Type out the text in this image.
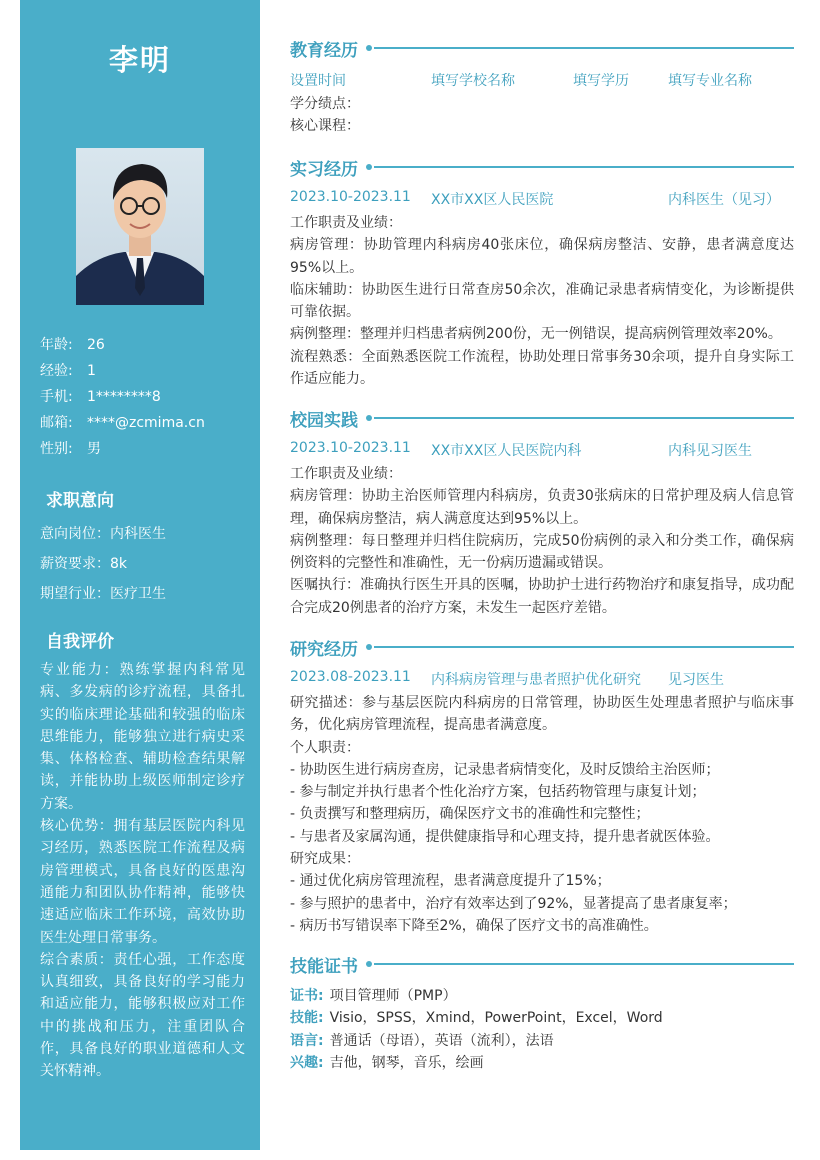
李明
年龄:	26
经验:	1
手机:	1********8
邮箱:	****@zcmima.cn
性别:	男
求职意向
意向岗位：内科医生
薪资要求：8k
期望行业：医疗卫生
自我评价

专业能力：熟练掌握内科常见病、多发病的诊疗流程，具备扎实的临床理论基础和较强的临床思维能力，能够独立进行病史采集、体格检查、辅助检查结果解读，并能协助上级医师制定诊疗方案。

核心优势：拥有基层医院内科见习经历，熟悉医院工作流程及病房管理模式，具备良好的医患沟通能力和团队协作精神，能够快速适应临床工作环境，高效协助医生处理日常事务。

综合素质：责任心强，工作态度认真细致，具备良好的学习能力和适应能力，能够积极应对工作中的挑战和压力，注重团队合作，具备良好的职业道德和人文关怀精神。

教育经历
设置时间	填写学校名称	填写学历	填写专业名称
学分绩点：
核心课程：
实习经历
2023.10-2023.11 XX市XX区人民医院	内科医生（见习）
工作职责及业绩：
病房管理：协助管理内科病房40张床位，确保病房整洁、安静，患者满意度达95%以上。
临床辅助：协助医生进行日常查房50余次，准确记录患者病情变化，为诊断提供可靠依据。
病例整理：整理并归档患者病例200份，无一例错误，提高病例管理效率20%。
流程熟悉：全面熟悉医院工作流程，协助处理日常事务30余项，提升自身实际工作适应能力。
校园实践
2023.10-2023.11 XX市XX区人民医院内科	内科见习医生
工作职责及业绩：
病房管理：协助主治医师管理内科病房，负责30张病床的日常护理及病人信息管理，确保病房整洁，病人满意度达到95%以上。
病例整理：每日整理并归档住院病历，完成50份病例的录入和分类工作，确保病例资料的完整性和准确性，无一份病历遗漏或错误。
医嘱执行：准确执行医生开具的医嘱，协助护士进行药物治疗和康复指导，成功配合完成20例患者的治疗方案，未发生一起医疗差错。
研究经历
2023.08-2023.11 内科病房管理与患者照护优化研究 见习医生
研究描述：参与基层医院内科病房的日常管理，协助医生处理患者照护与临床事务，优化病房管理流程，提高患者满意度。
个人职责：
- 协助医生进行病房查房，记录患者病情变化，及时反馈给主治医师；
- 参与制定并执行患者个性化治疗方案，包括药物管理与康复计划；
- 负责撰写和整理病历，确保医疗文书的准确性和完整性；
- 与患者及家属沟通，提供健康指导和心理支持，提升患者就医体验。
研究成果：
- 通过优化病房管理流程，患者满意度提升了15%；
- 参与照护的患者中，治疗有效率达到了92%，显著提高了患者康复率；
- 病历书写错误率下降至2%，确保了医疗文书的高准确性。
技能证书
证书: 项目管理师（PMP）
技能: Visio，SPSS，Xmind，PowerPoint，Excel，Word
语言: 普通话（母语），英语（流利），法语
兴趣: 吉他，钢琴，音乐，绘画
